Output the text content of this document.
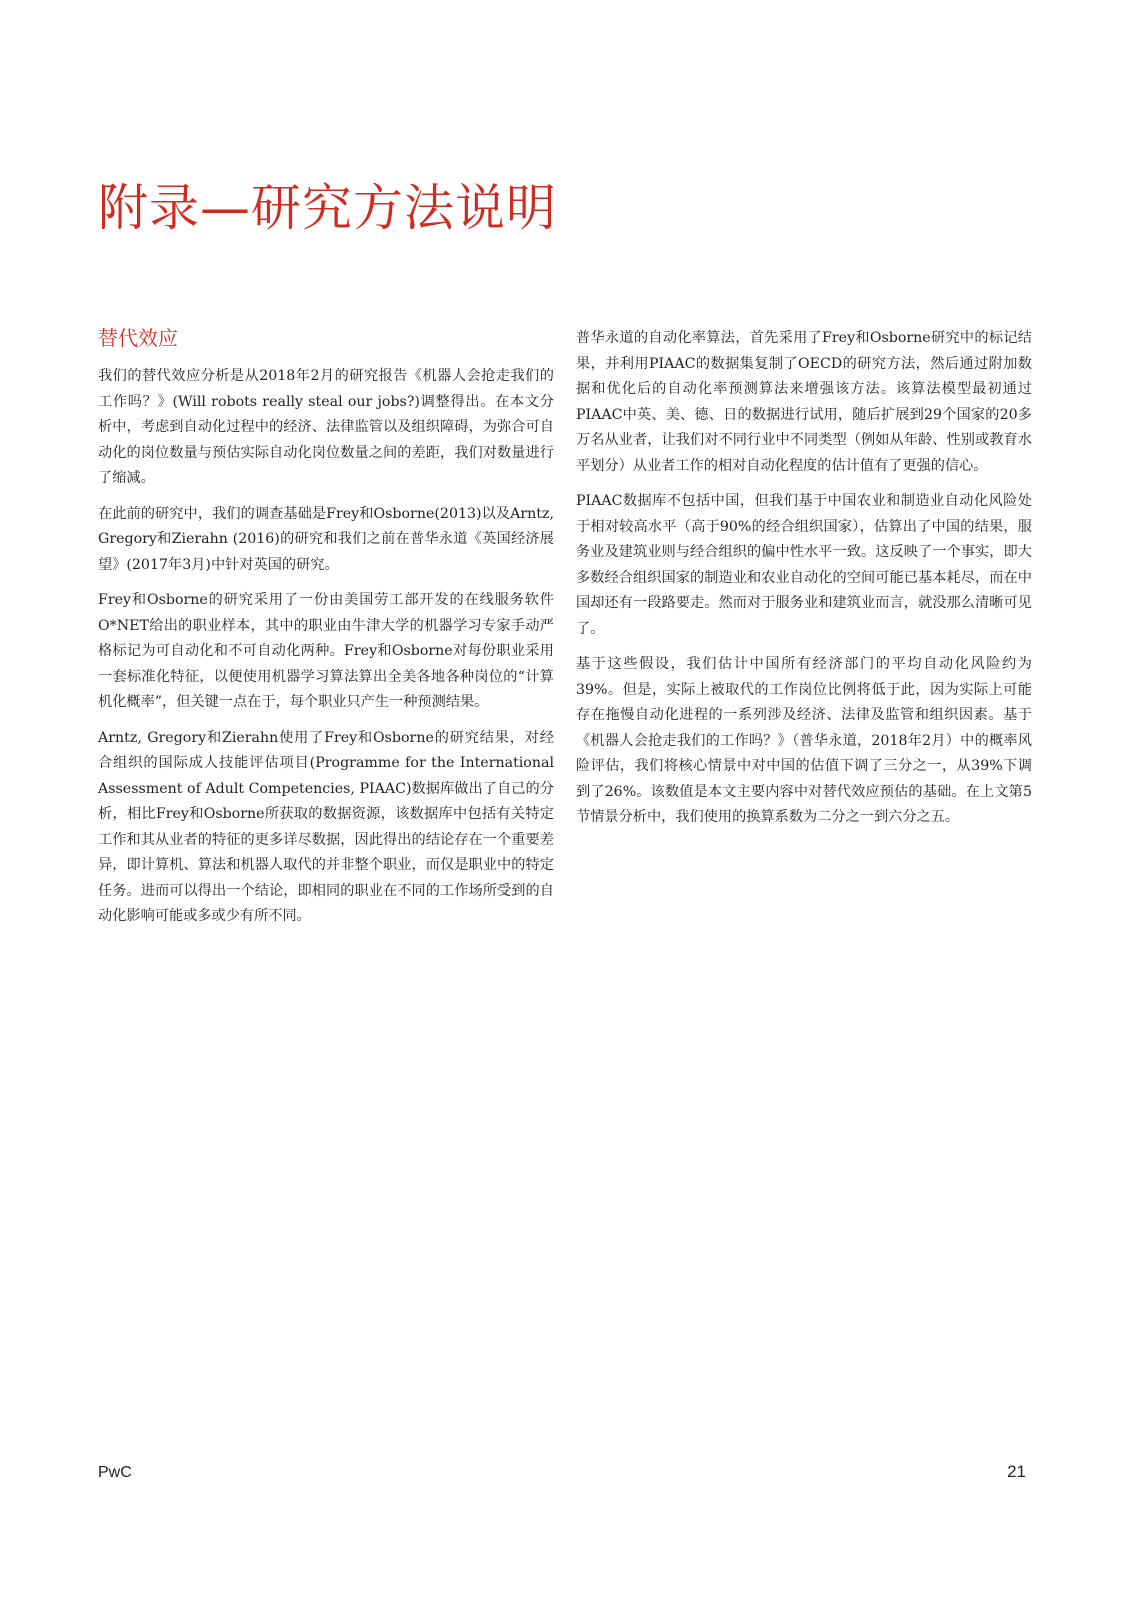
附录—研究方法说明
替代效应

我们的替代效应分析是从2018年2月的研究报告《机器人会抢走我们的工作吗？》(Will robots really steal our jobs?)调整得出。在本文分析中，考虑到自动化过程中的经济、法律监管以及组织障碍，为弥合可自动化的岗位数量与预估实际自动化岗位数量之间的差距，我们对数量进行了缩减。

在此前的研究中，我们的调查基础是Frey和Osborne(2013)以及Arntz, Gregory和Zierahn (2016)的研究和我们之前在普华永道《英国经济展望》(2017年3月)中针对英国的研究。

Frey和Osborne的研究采用了一份由美国劳工部开发的在线服务软件O*NET给出的职业样本，其中的职业由牛津大学的机器学习专家手动严格标记为可自动化和不可自动化两种。Frey和Osborne对每份职业采用一套标准化特征，以便使用机器学习算法算出全美各地各种岗位的“计算机化概率”，但关键一点在于，每个职业只产生一种预测结果。

Arntz, Gregory和Zierahn使用了Frey和Osborne的研究结果，对经合组织的国际成人技能评估项目(Programme for the International Assessment of Adult Competencies, PIAAC)数据库做出了自己的分析，相比Frey和Osborne所获取的数据资源，该数据库中包括有关特定工作和其从业者的特征的更多详尽数据，因此得出的结论存在一个重要差异，即计算机、算法和机器人取代的并非整个职业，而仅是职业中的特定任务。进而可以得出一个结论，即相同的职业在不同的工作场所受到的自动化影响可能或多或少有所不同。

普华永道的自动化率算法，首先采用了Frey和Osborne研究中的标记结果，并利用PIAAC的数据集复制了OECD的研究方法，然后通过附加数据和优化后的自动化率预测算法来增强该方法。该算法模型最初通过PIAAC中英、美、德、日的数据进行试用，随后扩展到29个国家的20多万名从业者，让我们对不同行业中不同类型（例如从年龄、性别或教育水平划分）从业者工作的相对自动化程度的估计值有了更强的信心。

PIAAC数据库不包括中国，但我们基于中国农业和制造业自动化风险处于相对较高水平（高于90%的经合组织国家），估算出了中国的结果，服务业及建筑业则与经合组织的偏中性水平一致。这反映了一个事实，即大多数经合组织国家的制造业和农业自动化的空间可能已基本耗尽，而在中国却还有一段路要走。然而对于服务业和建筑业而言，就没那么清晰可见了。

基于这些假设，我们估计中国所有经济部门的平均自动化风险约为39%。但是，实际上被取代的工作岗位比例将低于此，因为实际上可能存在拖慢自动化进程的一系列涉及经济、法律及监管和组织因素。基于《机器人会抢走我们的工作吗？》（普华永道，2018年2月）中的概率风险评估，我们将核心情景中对中国的估值下调了三分之一，从39%下调到了26%。该数值是本文主要内容中对替代效应预估的基础。在上文第5节情景分析中，我们使用的换算系数为二分之一到六分之五。

PwC	21
